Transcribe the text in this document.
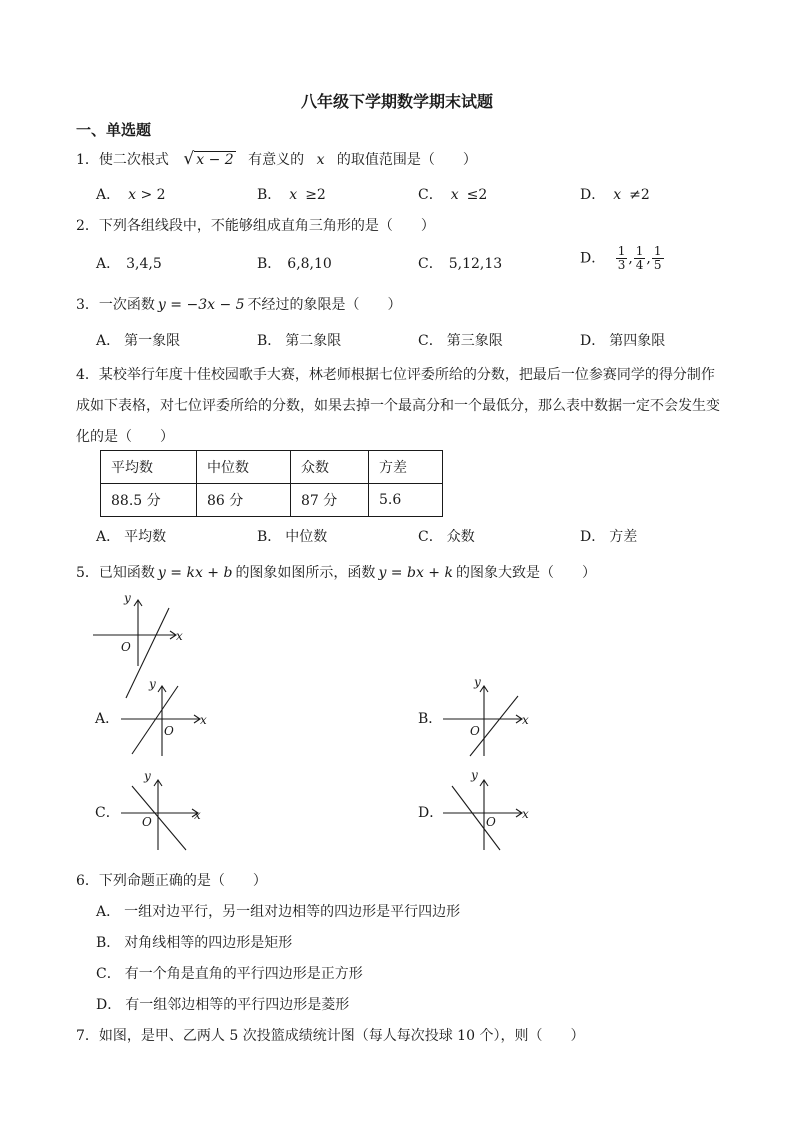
八年级下学期数学期末试题
一、单选题
1．使二次根式 √ x − 2 有意义的 x 的取值范围是（　　）
A． x > 2	B． x ≥2	C． x ≤2	D． x ≠2
2．下列各组线段中，不能够组成直角三角形的是（　　）
A． 3,4,5	B． 6,8,10	C． 5,12,13	D． $\frac{1}{3}$ , $\frac{1}{4}$ , $\frac{1}{5}$
3．一次函数 y = −3x − 5 不经过的象限是（　　）
A． 第一象限	B． 第二象限	C． 第三象限	D． 第四象限
4．某校举行年度十佳校园歌手大赛，林老师根据七位评委所给的分数，把最后一位参赛同学的得分制作
成如下表格，对七位评委所给的分数，如果去掉一个最高分和一个最低分，那么表中数据一定不会发生变
化的是（　　）
平均数	中位数	众数	方差
88.5 分	86 分	87 分	5.6
A． 平均数	B． 中位数	C． 众数	D． 方差
5．已知函数 y = kx + b 的图象如图所示，函数 y = bx + k 的图象大致是（　　）
x
y
O
A．	x
y
O
B．	x
y
O
C．	x
y
O
D．	x
y
O
6．下列命题正确的是（　　）
A． 一组对边平行，另一组对边相等的四边形是平行四边形
B． 对角线相等的四边形是矩形
C． 有一个角是直角的平行四边形是正方形
D． 有一组邻边相等的平行四边形是菱形
7．如图，是甲、乙两人 5 次投篮成绩统计图（每人每次投球 10 个），则（　　）
